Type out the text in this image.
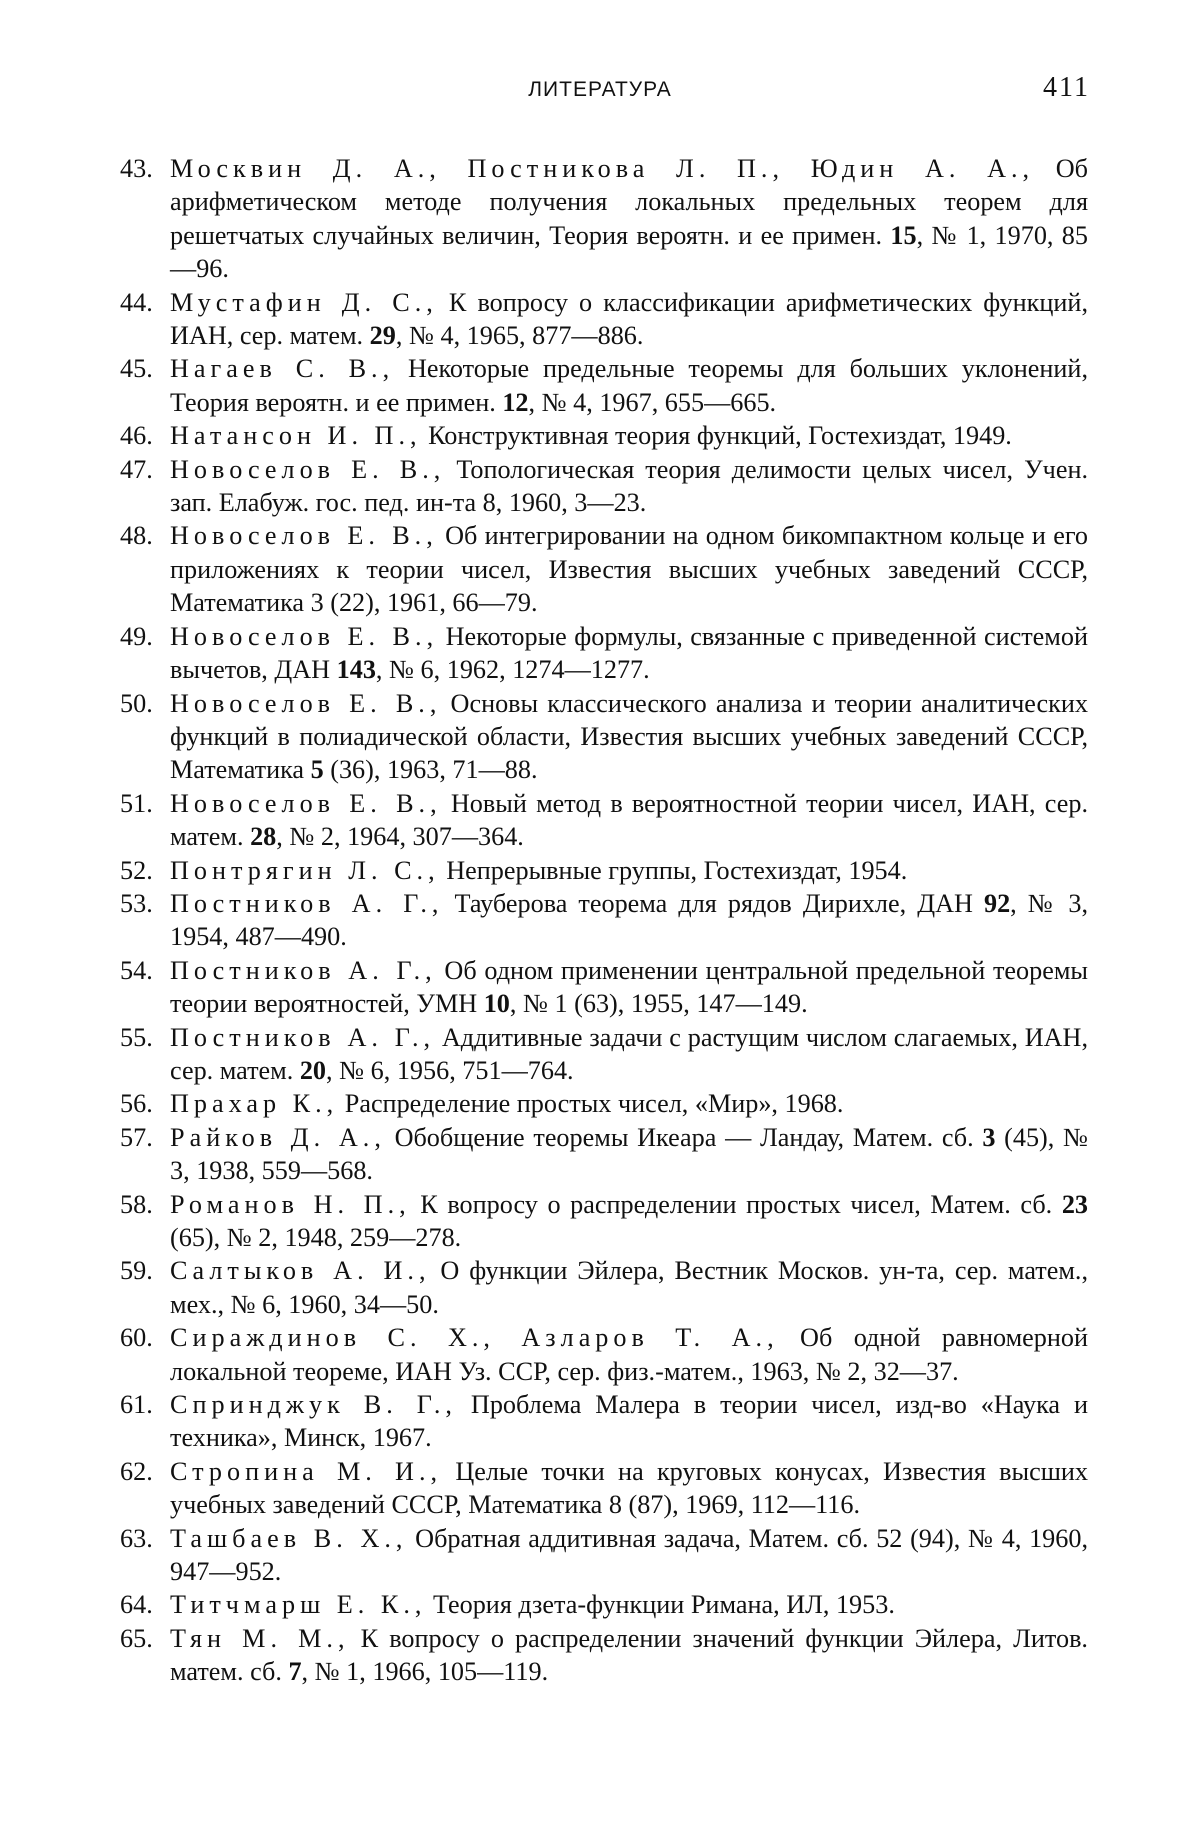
ЛИТЕРАТУРА	411
43. Москвин Д. А., Постникова Л. П., Юдин А. А., Об арифметическом методе получения локальных предельных теорем для решетчатых случайных величин, Теория вероятн. и ее примен. 15, № 1, 1970, 85—96.
44. Мустафин Д. С., К вопросу о классификации арифметических функций, ИАН, сер. матем. 29, № 4, 1965, 877—886.
45. Нагаев С. В., Некоторые предельные теоремы для больших уклонений, Теория вероятн. и ее примен. 12, № 4, 1967, 655—665.
46. Натансон И. П., Конструктивная теория функций, Гостехиздат, 1949.
47. Новоселов Е. В., Топологическая теория делимости целых чисел, Учен. зап. Елабуж. гос. пед. ин-та 8, 1960, 3—23.
48. Новоселов Е. В., Об интегрировании на одном бикомпактном кольце и его приложениях к теории чисел, Известия высших учебных заведений СССР, Математика 3 (22), 1961, 66—79.
49. Новоселов Е. В., Некоторые формулы, связанные с приведенной системой вычетов, ДАН 143, № 6, 1962, 1274—1277.
50. Новоселов Е. В., Основы классического анализа и теории аналитических функций в полиадической области, Известия высших учебных заведений СССР, Математика 5 (36), 1963, 71—88.
51. Новоселов Е. В., Новый метод в вероятностной теории чисел, ИАН, сер. матем. 28, № 2, 1964, 307—364.
52. Понтрягин Л. С., Непрерывные группы, Гостехиздат, 1954.
53. Постников А. Г., Тауберова теорема для рядов Дирихле, ДАН 92, № 3, 1954, 487—490.
54. Постников А. Г., Об одном применении центральной предельной теоремы теории вероятностей, УМН 10, № 1 (63), 1955, 147—149.
55. Постников А. Г., Аддитивные задачи с растущим числом слагаемых, ИАН, сер. матем. 20, № 6, 1956, 751—764.
56. Прахар К., Распределение простых чисел, «Мир», 1968.
57. Райков Д. А., Обобщение теоремы Икеара — Ландау, Матем. сб. 3 (45), № 3, 1938, 559—568.
58. Романов Н. П., К вопросу о распределении простых чисел, Матем. сб. 23 (65), № 2, 1948, 259—278.
59. Салтыков А. И., О функции Эйлера, Вестник Москов. ун-та, сер. матем., мех., № 6, 1960, 34—50.
60. Сираждинов С. Х., Азларов Т. А., Об одной равномерной локальной теореме, ИАН Уз. ССР, сер. физ.-матем., 1963, № 2, 32—37.
61. Спринджук В. Г., Проблема Малера в теории чисел, изд-во «Наука и техника», Минск, 1967.
62. Стропина М. И., Целые точки на круговых конусах, Известия высших учебных заведений СССР, Математика 8 (87), 1969, 112—116.
63. Ташбаев В. Х., Обратная аддитивная задача, Матем. сб. 52 (94), № 4, 1960, 947—952.
64. Титчмарш Е. К., Теория дзета-функции Римана, ИЛ, 1953.
65. Тян М. М., К вопросу о распределении значений функции Эйлера, Литов. матем. сб. 7, № 1, 1966, 105—119.
